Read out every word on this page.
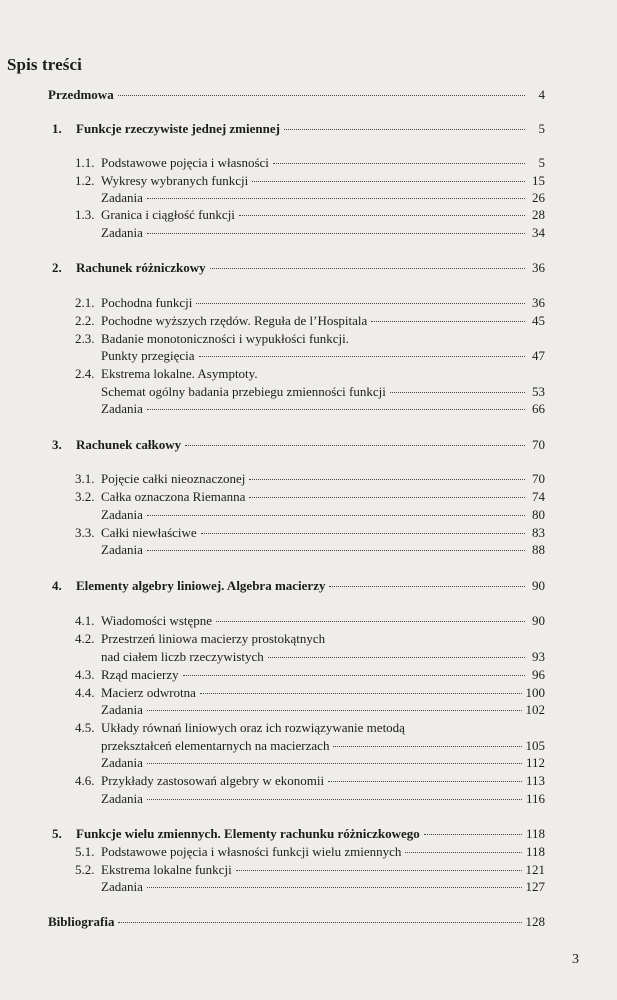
Spis treści
Przedmowa	4
1.	Funkcje rzeczywiste jednej zmiennej	5
1.1. Podstawowe pojęcia i własności	5
1.2. Wykresy wybranych funkcji	15
Zadania	26
1.3. Granica i ciągłość funkcji	28
Zadania	34
2.	Rachunek różniczkowy	36
2.1. Pochodna funkcji	36
2.2. Pochodne wyższych rzędów. Reguła de l’Hospitala	45
2.3. Badanie monotoniczności i wypukłości funkcji.
Punkty przegięcia	47
2.4. Ekstrema lokalne. Asymptoty.
Schemat ogólny badania przebiegu zmienności funkcji	53
Zadania	66
3.	Rachunek całkowy	70
3.1. Pojęcie całki nieoznaczonej	70
3.2. Całka oznaczona Riemanna	74
Zadania	80
3.3. Całki niewłaściwe	83
Zadania	88
4.	Elementy algebry liniowej. Algebra macierzy	90
4.1. Wiadomości wstępne	90
4.2. Przestrzeń liniowa macierzy prostokątnych
nad ciałem liczb rzeczywistych	93
4.3. Rząd macierzy	96
4.4. Macierz odwrotna	100
Zadania	102
4.5. Układy równań liniowych oraz ich rozwiązywanie metodą
przekształceń elementarnych na macierzach	105
Zadania	112
4.6. Przykłady zastosowań algebry w ekonomii	113
Zadania	116
5.	Funkcje wielu zmiennych. Elementy rachunku różniczkowego	118
5.1. Podstawowe pojęcia i własności funkcji wielu zmiennych	118
5.2. Ekstrema lokalne funkcji	121
Zadania	127
Bibliografia	128
3
